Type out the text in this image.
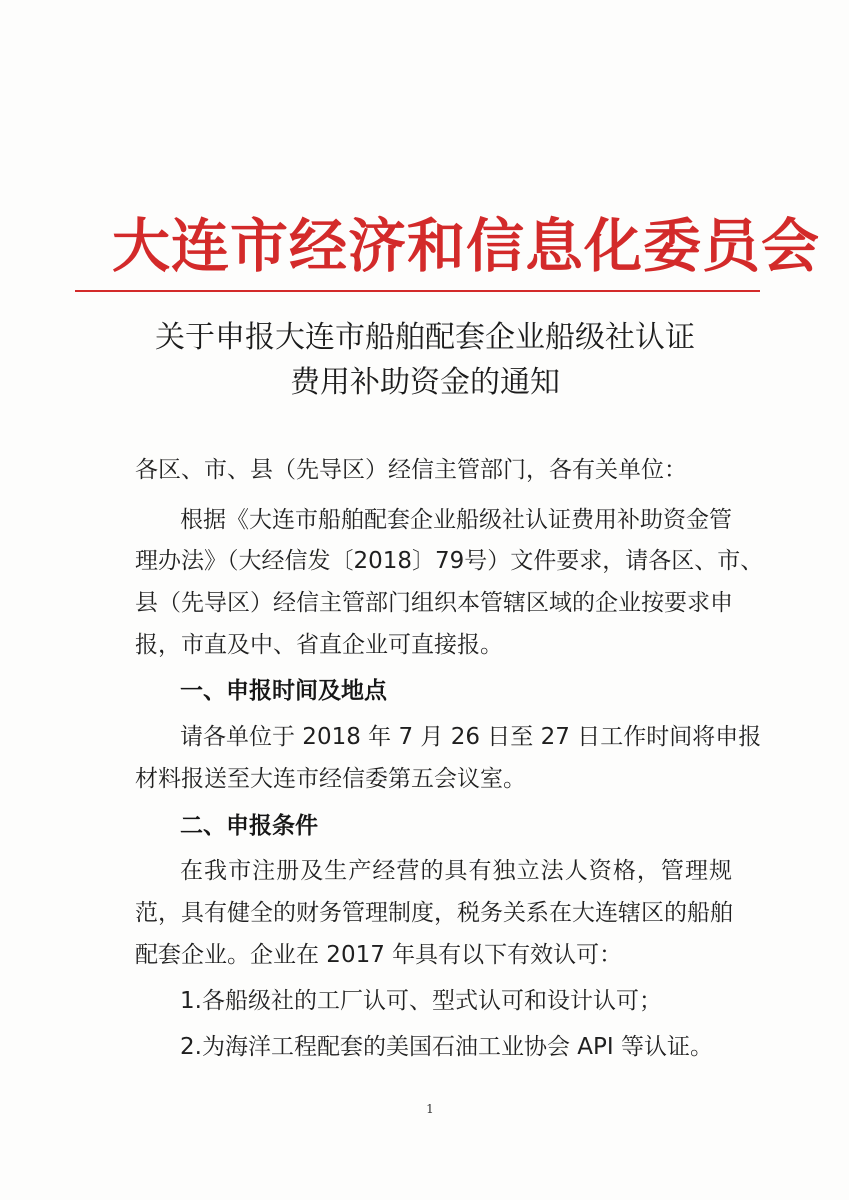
大连市经济和信息化委员会
关于申报大连市船舶配套企业船级社认证
费用补助资金的通知
各区、市、县（先导区）经信主管部门，各有关单位：
根据《大连市船舶配套企业船级社认证费用补助资金管
理办法》（大经信发〔2018〕79号）文件要求，请各区、市、
县（先导区）经信主管部门组织本管辖区域的企业按要求申
报，市直及中、省直企业可直接报。
一、申报时间及地点
请各单位于 2018 年 7 月 26 日至 27 日工作时间将申报
材料报送至大连市经信委第五会议室。
二、申报条件
在我市注册及生产经营的具有独立法人资格，管理规
范，具有健全的财务管理制度，税务关系在大连辖区的船舶
配套企业。企业在 2017 年具有以下有效认可：
1.各船级社的工厂认可、型式认可和设计认可；
2.为海洋工程配套的美国石油工业协会 API 等认证。
1
